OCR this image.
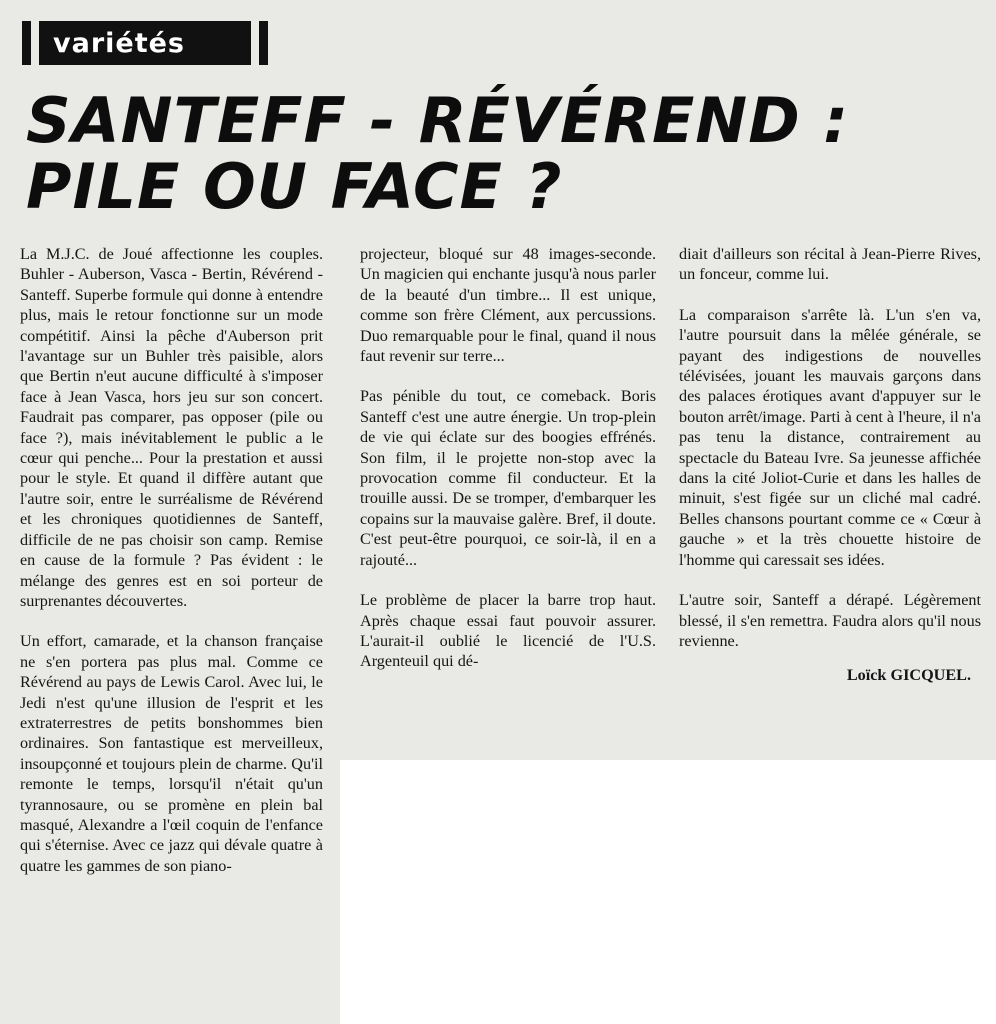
variétés
SANTEFF - RÉVÉREND :
PILE OU FACE ?

La M.J.C. de Joué affectionne les couples. Buhler - Auberson, Vasca - Bertin, Révérend - Santeff. Superbe formule qui donne à entendre plus, mais le retour fonctionne sur un mode compétitif. Ainsi la pêche d'Auberson prit l'avantage sur un Buhler très paisible, alors que Bertin n'eut aucune difficulté à s'imposer face à Jean Vasca, hors jeu sur son concert. Faudrait pas comparer, pas opposer (pile ou face ?), mais inévitablement le public a le cœur qui penche... Pour la prestation et aussi pour le style. Et quand il diffère autant que l'autre soir, entre le surréalisme de Révérend et les chroniques quotidiennes de Santeff, difficile de ne pas choisir son camp. Remise en cause de la formule ? Pas évident : le mélange des genres est en soi porteur de surprenantes découvertes.

Un effort, camarade, et la chanson française ne s'en portera pas plus mal. Comme ce Révérend au pays de Lewis Carol. Avec lui, le Jedi n'est qu'une illusion de l'esprit et les extraterrestres de petits bonshommes bien ordinaires. Son fantastique est merveilleux, insoupçonné et toujours plein de charme. Qu'il remonte le temps, lorsqu'il n'était qu'un tyrannosaure, ou se promène en plein bal masqué, Alexandre a l'œil coquin de l'enfance qui s'éternise. Avec ce jazz qui dévale quatre à quatre les gammes de son piano-

projecteur, bloqué sur 48 images-seconde. Un magicien qui enchante jusqu'à nous parler de la beauté d'un timbre... Il est unique, comme son frère Clément, aux percussions. Duo remarquable pour le final, quand il nous faut revenir sur terre...

Pas pénible du tout, ce comeback. Boris Santeff c'est une autre énergie. Un trop-plein de vie qui éclate sur des boogies effrénés. Son film, il le projette non-stop avec la provocation comme fil conducteur. Et la trouille aussi. De se tromper, d'embarquer les copains sur la mauvaise galère. Bref, il doute. C'est peut-être pourquoi, ce soir-là, il en a rajouté...

Le problème de placer la barre trop haut. Après chaque essai faut pouvoir assurer. L'aurait-il oublié le licencié de l'U.S. Argenteuil qui dé-

diait d'ailleurs son récital à Jean-Pierre Rives, un fonceur, comme lui.

La comparaison s'arrête là. L'un s'en va, l'autre poursuit dans la mêlée générale, se payant des indigestions de nouvelles télévisées, jouant les mauvais garçons dans des palaces érotiques avant d'appuyer sur le bouton arrêt/image. Parti à cent à l'heure, il n'a pas tenu la distance, contrairement au spectacle du Bateau Ivre. Sa jeunesse affichée dans la cité Joliot-Curie et dans les halles de minuit, s'est figée sur un cliché mal cadré. Belles chansons pourtant comme ce « Cœur à gauche » et la très chouette histoire de l'homme qui caressait ses idées.

L'autre soir, Santeff a dérapé. Légèrement blessé, il s'en remettra. Faudra alors qu'il nous revienne.

Loïck GICQUEL.
